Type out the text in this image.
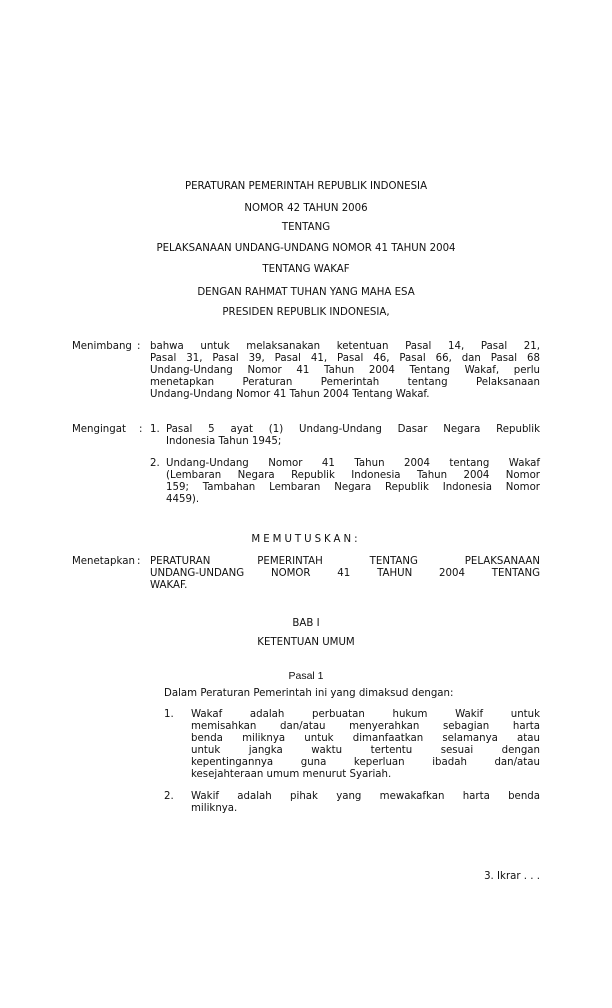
PERATURAN PEMERINTAH REPUBLIK INDONESIA
NOMOR 42 TAHUN 2006
TENTANG
PELAKSANAAN UNDANG-UNDANG NOMOR 41 TAHUN 2004
TENTANG WAKAF
DENGAN RAHMAT TUHAN YANG MAHA ESA
PRESIDEN REPUBLIK INDONESIA,
Menimbang : bahwa untuk melaksanakan ketentuan Pasal 14, Pasal 21,
Pasal 31, Pasal 39, Pasal 41, Pasal 46, Pasal 66, dan Pasal 68
Undang-Undang Nomor 41 Tahun 2004 Tentang Wakaf, perlu
menetapkan Peraturan Pemerintah tentang Pelaksanaan
Undang-Undang Nomor 41 Tahun 2004 Tentang Wakaf.
Mengingat : 1. Pasal 5 ayat (1) Undang-Undang Dasar Negara Republik
Indonesia Tahun 1945;
2. Undang-Undang Nomor 41 Tahun 2004 tentang Wakaf
(Lembaran Negara Republik Indonesia Tahun 2004 Nomor
159; Tambahan Lembaran Negara Republik Indonesia Nomor
4459).
MEMUTUSKAN:
Menetapkan : PERATURAN PEMERINTAH TENTANG PELAKSANAAN
UNDANG-UNDANG NOMOR 41 TAHUN 2004 TENTANG
WAKAF.
BAB I
KETENTUAN UMUM
Pasal 1
Dalam Peraturan Pemerintah ini yang dimaksud dengan:
1. Wakaf adalah perbuatan hukum Wakif untuk
memisahkan dan/atau menyerahkan sebagian harta
benda miliknya untuk dimanfaatkan selamanya atau
untuk jangka waktu tertentu sesuai dengan
kepentingannya guna keperluan ibadah dan/atau
kesejahteraan umum menurut Syariah.
2. Wakif adalah pihak yang mewakafkan harta benda
miliknya.
3. Ikrar . . .
